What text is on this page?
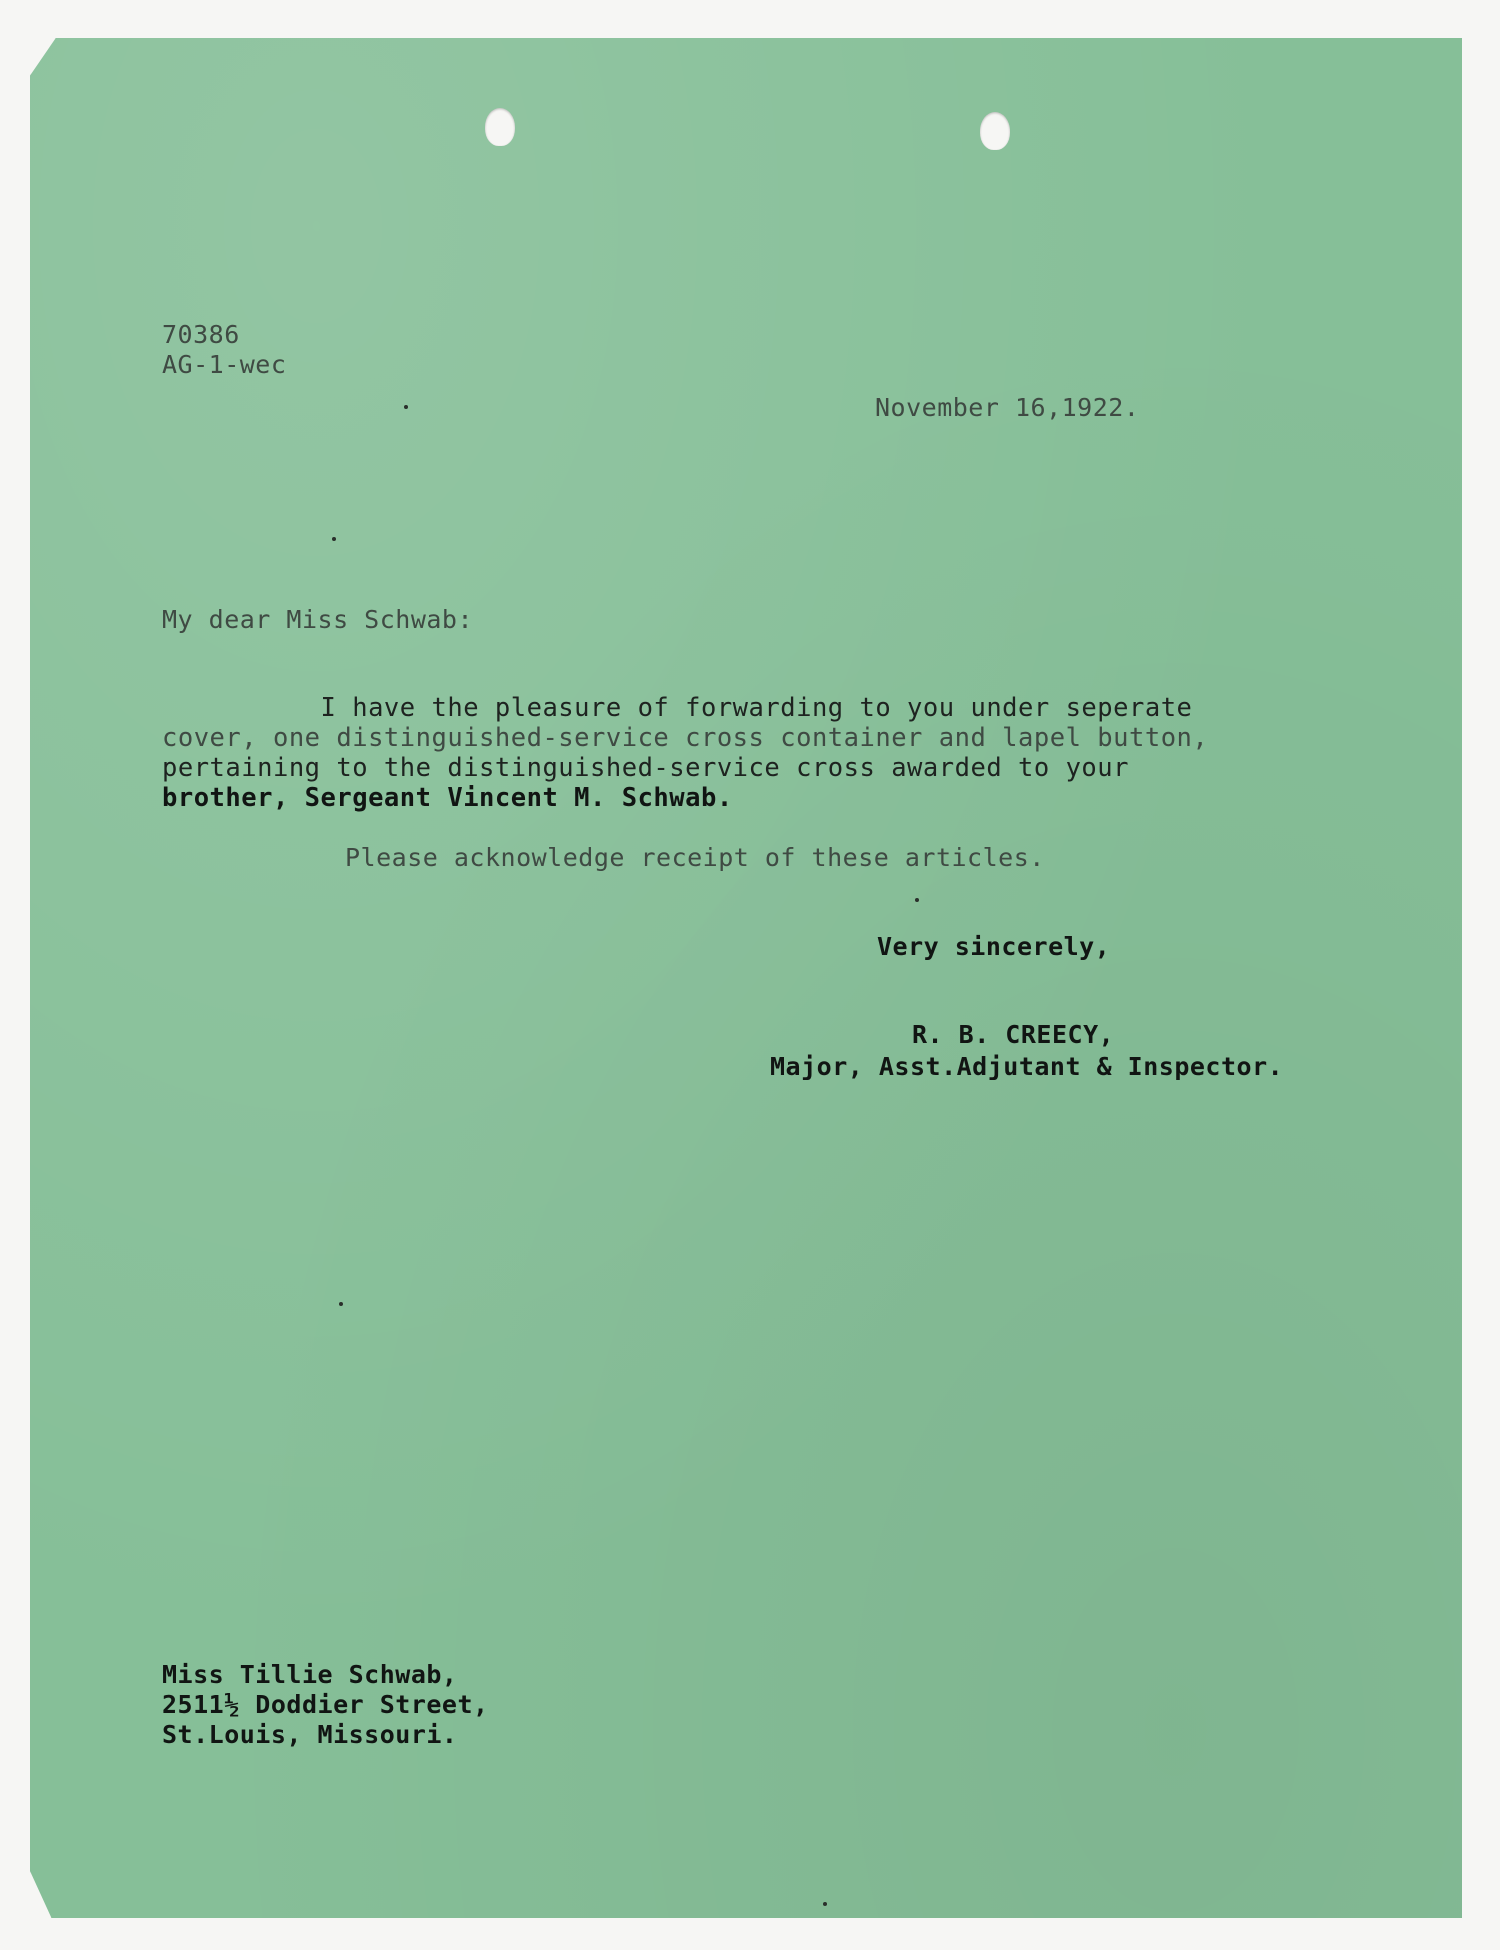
70386
AG-1-wec
November 16,1922.
My dear Miss Schwab:
I have the pleasure of forwarding to you under seperate
cover, one distinguished-service cross container and lapel button,
pertaining to the distinguished-service cross awarded to your
brother, Sergeant Vincent M. Schwab.
Please acknowledge receipt of these articles.
Very sincerely,
R. B. CREECY,
Major, Asst.Adjutant & Inspector.
Miss Tillie Schwab,
2511½ Doddier Street,
St.Louis, Missouri.
